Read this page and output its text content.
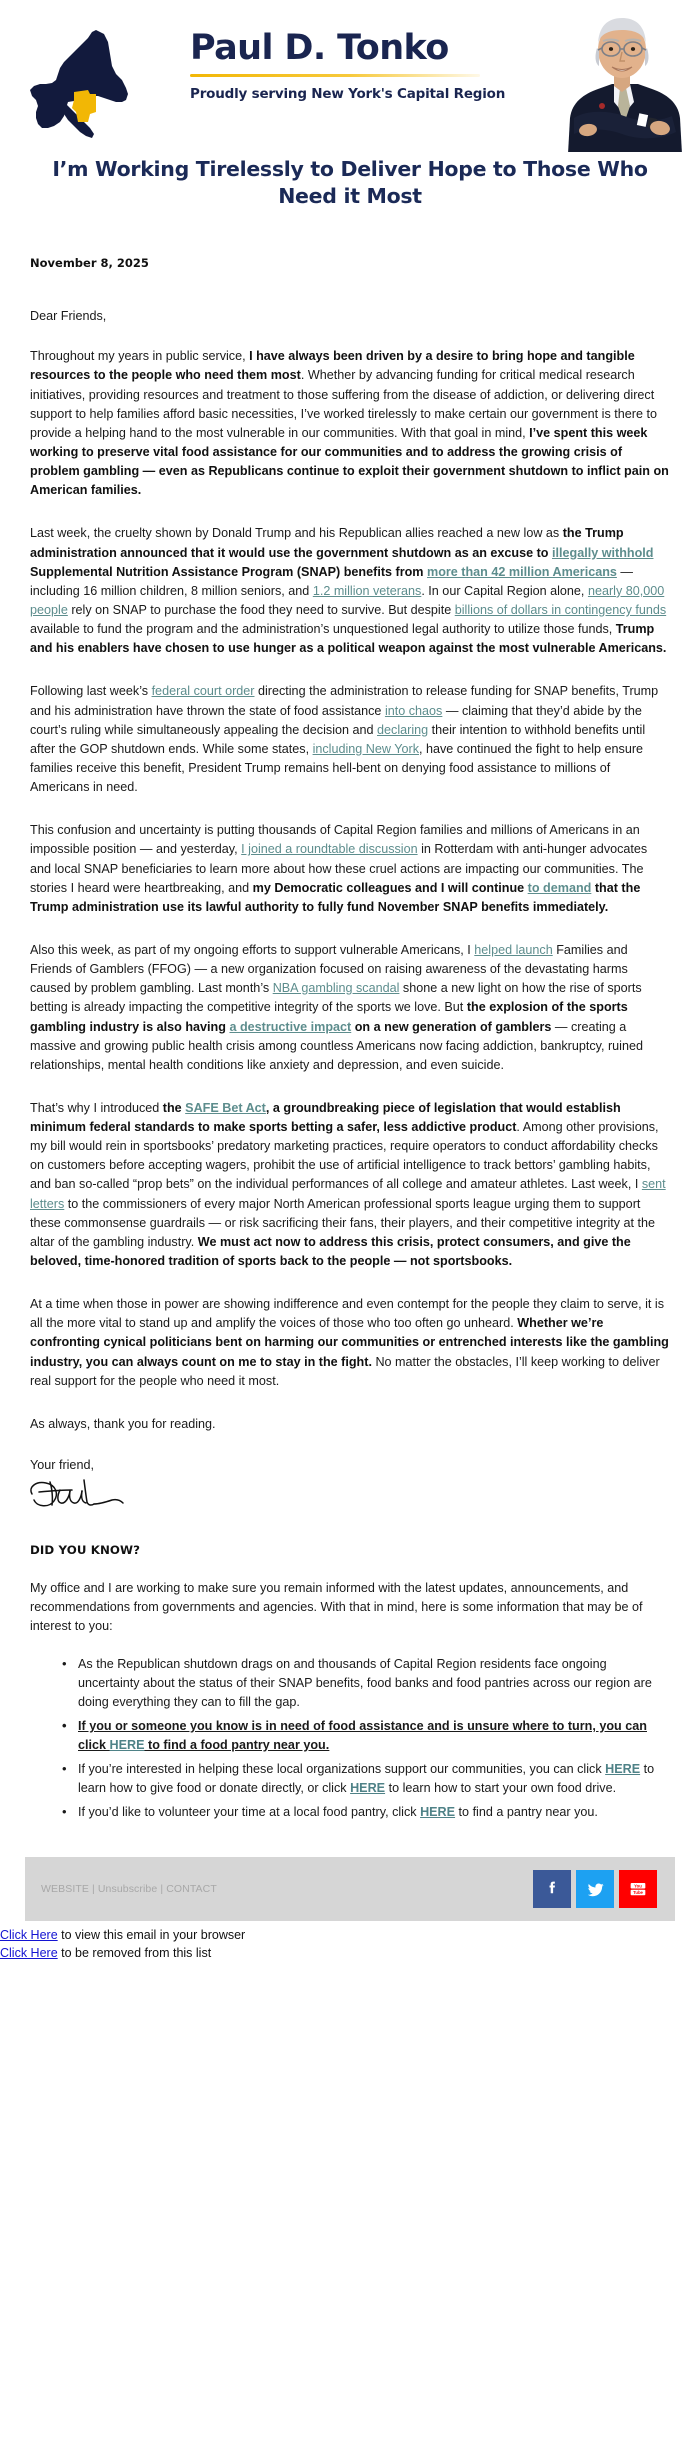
Paul D. Tonko
Proudly serving New York's Capital Region
I’m Working Tirelessly to Deliver Hope to Those Who Need it Most
November 8, 2025
Dear Friends,

Throughout my years in public service, I have always been driven by a desire to bring hope and tangible resources to the people who need them most. Whether by advancing funding for critical medical research initiatives, providing resources and treatment to those suffering from the disease of addiction, or delivering direct support to help families afford basic necessities, I’ve worked tirelessly to make certain our government is there to provide a helping hand to the most vulnerable in our communities. With that goal in mind, I’ve spent this week working to preserve vital food assistance for our communities and to address the growing crisis of problem gambling — even as Republicans continue to exploit their government shutdown to inflict pain on American families.

Last week, the cruelty shown by Donald Trump and his Republican allies reached a new low as the Trump administration announced that it would use the government shutdown as an excuse to illegally withhold Supplemental Nutrition Assistance Program (SNAP) benefits from more than 42 million Americans — including 16 million children, 8 million seniors, and 1.2 million veterans. In our Capital Region alone, nearly 80,000 people rely on SNAP to purchase the food they need to survive. But despite billions of dollars in contingency funds available to fund the program and the administration’s unquestioned legal authority to utilize those funds, Trump and his enablers have chosen to use hunger as a political weapon against the most vulnerable Americans.

Following last week’s federal court order directing the administration to release funding for SNAP benefits, Trump and his administration have thrown the state of food assistance into chaos — claiming that they’d abide by the court’s ruling while simultaneously appealing the decision and declaring their intention to withhold benefits until after the GOP shutdown ends. While some states, including New York, have continued the fight to help ensure families receive this benefit, President Trump remains hell-bent on denying food assistance to millions of Americans in need.

This confusion and uncertainty is putting thousands of Capital Region families and millions of Americans in an impossible position — and yesterday, I joined a roundtable discussion in Rotterdam with anti-hunger advocates and local SNAP beneficiaries to learn more about how these cruel actions are impacting our communities. The stories I heard were heartbreaking, and my Democratic colleagues and I will continue to demand that the Trump administration use its lawful authority to fully fund November SNAP benefits immediately.

Also this week, as part of my ongoing efforts to support vulnerable Americans, I helped launch Families and Friends of Gamblers (FFOG) — a new organization focused on raising awareness of the devastating harms caused by problem gambling. Last month’s NBA gambling scandal shone a new light on how the rise of sports betting is already impacting the competitive integrity of the sports we love. But the explosion of the sports gambling industry is also having a destructive impact on a new generation of gamblers — creating a massive and growing public health crisis among countless Americans now facing addiction, bankruptcy, ruined relationships, mental health conditions like anxiety and depression, and even suicide.

That’s why I introduced the SAFE Bet Act, a groundbreaking piece of legislation that would establish minimum federal standards to make sports betting a safer, less addictive product. Among other provisions, my bill would rein in sportsbooks’ predatory marketing practices, require operators to conduct affordability checks on customers before accepting wagers, prohibit the use of artificial intelligence to track bettors’ gambling habits, and ban so-called “prop bets” on the individual performances of all college and amateur athletes. Last week, I sent letters to the commissioners of every major North American professional sports league urging them to support these commonsense guardrails — or risk sacrificing their fans, their players, and their competitive integrity at the altar of the gambling industry. We must act now to address this crisis, protect consumers, and give the beloved, time-honored tradition of sports back to the people — not sportsbooks.

At a time when those in power are showing indifference and even contempt for the people they claim to serve, it is all the more vital to stand up and amplify the voices of those who too often go unheard. Whether we’re confronting cynical politicians bent on harming our communities or entrenched interests like the gambling industry, you can always count on me to stay in the fight. No matter the obstacles, I’ll keep working to deliver real support for the people who need it most.

As always, thank you for reading.
Your friend,
DID YOU KNOW?
My office and I are working to make sure you remain informed with the latest updates, announcements, and recommendations from governments and agencies. With that in mind, here is some information that may be of interest to you:
• As the Republican shutdown drags on and thousands of Capital Region residents face ongoing uncertainty about the status of their SNAP benefits, food banks and food pantries across our region are doing everything they can to fill the gap.
• If you or someone you know is in need of food assistance and is unsure where to turn, you can click HERE to find a food pantry near you.
• If you’re interested in helping these local organizations support our communities, you can click HERE to learn how to give food or donate directly, or click HERE to learn how to start your own food drive.
• If you’d like to volunteer your time at a local food pantry, click HERE to find a pantry near you.
WEBSITE | Unsubscribe | CONTACT	You
Tube
Click Here to view this email in your browser
Click Here to be removed from this list
